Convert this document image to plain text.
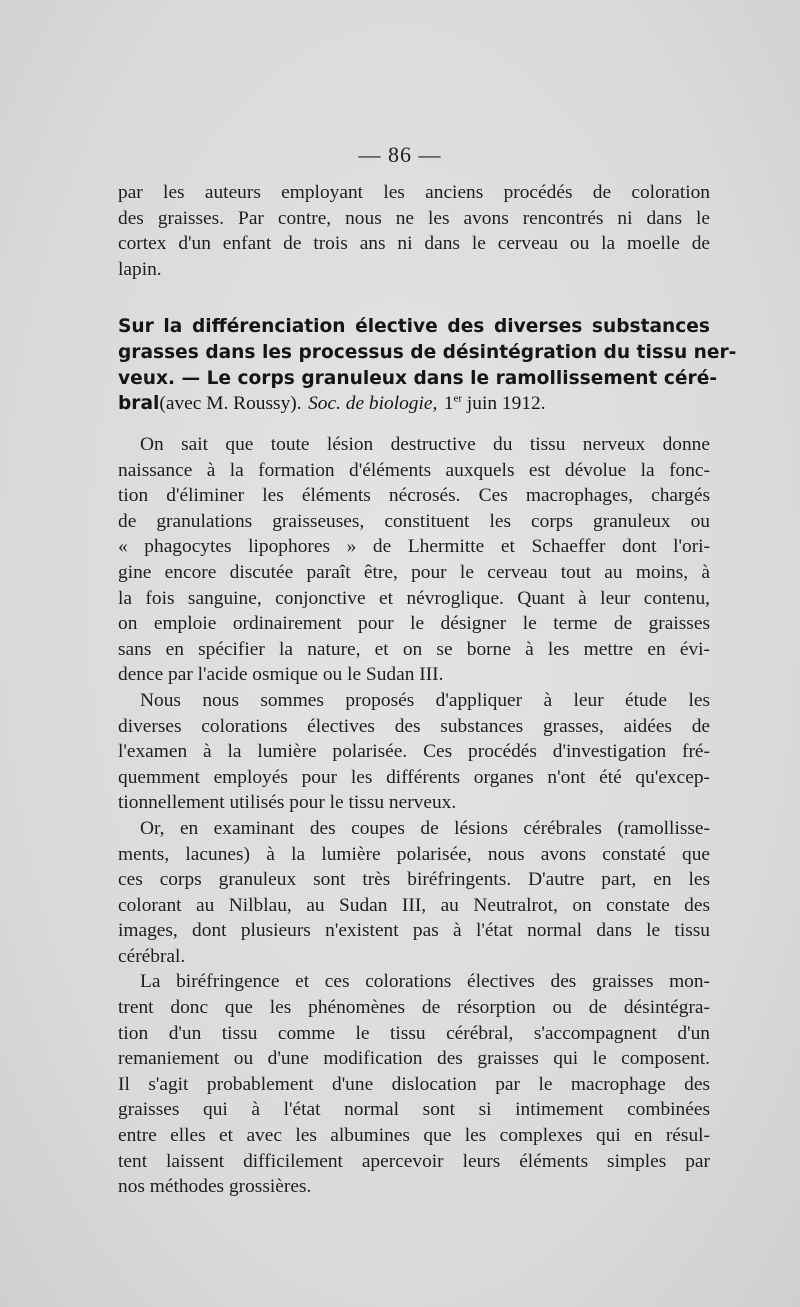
— 86 —
par les auteurs employant les anciens procédés de coloration
des graisses. Par contre, nous ne les avons rencontrés ni dans le
cortex d'un enfant de trois ans ni dans le cerveau ou la moelle de
lapin.
Sur la différenciation élective des diverses substances
grasses dans les processus de désintégration du tissu ner-
veux. — Le corps granuleux dans le ramollissement céré-
bral(avec M. Roussy). Soc. de biologie, 1er juin 1912.
On sait que toute lésion destructive du tissu nerveux donne
naissance à la formation d'éléments auxquels est dévolue la fonc-
tion d'éliminer les éléments nécrosés. Ces macrophages, chargés
de granulations graisseuses, constituent les corps granuleux ou
« phagocytes lipophores » de Lhermitte et Schaeffer dont l'ori-
gine encore discutée paraît être, pour le cerveau tout au moins, à
la fois sanguine, conjonctive et névroglique. Quant à leur contenu,
on emploie ordinairement pour le désigner le terme de graisses
sans en spécifier la nature, et on se borne à les mettre en évi-
dence par l'acide osmique ou le Sudan III.
Nous nous sommes proposés d'appliquer à leur étude les
diverses colorations électives des substances grasses, aidées de
l'examen à la lumière polarisée. Ces procédés d'investigation fré-
quemment employés pour les différents organes n'ont été qu'excep-
tionnellement utilisés pour le tissu nerveux.
Or, en examinant des coupes de lésions cérébrales (ramollisse-
ments, lacunes) à la lumière polarisée, nous avons constaté que
ces corps granuleux sont très biréfringents. D'autre part, en les
colorant au Nilblau, au Sudan III, au Neutralrot, on constate des
images, dont plusieurs n'existent pas à l'état normal dans le tissu
cérébral.
La biréfringence et ces colorations électives des graisses mon-
trent donc que les phénomènes de résorption ou de désintégra-
tion d'un tissu comme le tissu cérébral, s'accompagnent d'un
remaniement ou d'une modification des graisses qui le composent.
Il s'agit probablement d'une dislocation par le macrophage des
graisses qui à l'état normal sont si intimement combinées
entre elles et avec les albumines que les complexes qui en résul-
tent laissent difficilement apercevoir leurs éléments simples par
nos méthodes grossières.
